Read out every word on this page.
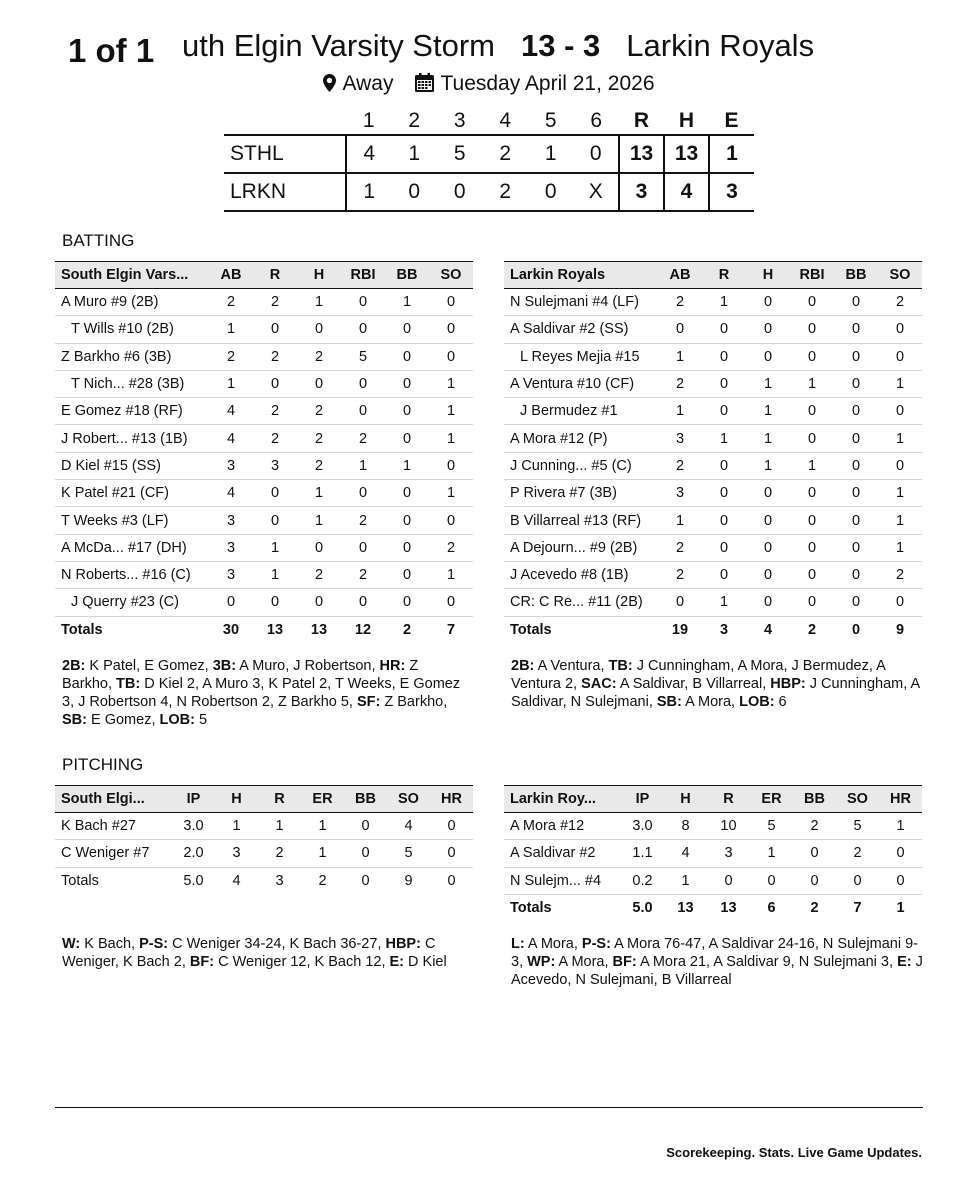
1 of 1 uth Elgin Varsity Storm 13 - 3 Larkin Royals
Away Tuesday April 21, 2026
	1	2	3	4	5	6	R	H	E
STHL	4	1	5	2	1	0	13	13	1
LRKN	1	0	0	2	0	X	3	4	3
BATTING
South Elgin Vars...	AB	R	H	RBI	BB	SO
A Muro #9 (2B)	2	2	1	0	1	0
T Wills #10 (2B)	1	0	0	0	0	0
Z Barkho #6 (3B)	2	2	2	5	0	0
T Nich... #28 (3B)	1	0	0	0	0	1
E Gomez #18 (RF)	4	2	2	0	0	1
J Robert... #13 (1B)	4	2	2	2	0	1
D Kiel #15 (SS)	3	3	2	1	1	0
K Patel #21 (CF)	4	0	1	0	0	1
T Weeks #3 (LF)	3	0	1	2	0	0
A McDa... #17 (DH)	3	1	0	0	0	2
N Roberts... #16 (C)	3	1	2	2	0	1
J Querry #23 (C)	0	0	0	0	0	0
Totals	30	13	13	12	2	7
Larkin Royals	AB	R	H	RBI	BB	SO
N Sulejmani #4 (LF)	2	1	0	0	0	2
A Saldivar #2 (SS)	0	0	0	0	0	0
L Reyes Mejia #15	1	0	0	0	0	0
A Ventura #10 (CF)	2	0	1	1	0	1
J Bermudez #1	1	0	1	0	0	0
A Mora #12 (P)	3	1	1	0	0	1
J Cunning... #5 (C)	2	0	1	1	0	0
P Rivera #7 (3B)	3	0	0	0	0	1
B Villarreal #13 (RF)	1	0	0	0	0	1
A Dejourn... #9 (2B)	2	0	0	0	0	1
J Acevedo #8 (1B)	2	0	0	0	0	2
CR: C Re... #11 (2B)	0	1	0	0	0	0
Totals	19	3	4	2	0	9
2B: K Patel, E Gomez, 3B: A Muro, J Robertson, HR: Z Barkho, TB: D Kiel 2, A Muro 3, K Patel 2, T Weeks, E Gomez 3, J Robertson 4, N Robertson 2, Z Barkho 5, SF: Z Barkho, SB: E Gomez, LOB: 5
2B: A Ventura, TB: J Cunningham, A Mora, J Bermudez, A Ventura 2, SAC: A Saldivar, B Villarreal, HBP: J Cunningham, A Saldivar, N Sulejmani, SB: A Mora, LOB: 6
PITCHING
South Elgi...	IP	H	R	ER	BB	SO	HR
K Bach #27	3.0	1	1	1	0	4	0
C Weniger #7	2.0	3	2	1	0	5	0
Totals	5.0	4	3	2	0	9	0
Larkin Roy...	IP	H	R	ER	BB	SO	HR
A Mora #12	3.0	8	10	5	2	5	1
A Saldivar #2	1.1	4	3	1	0	2	0
N Sulejm... #4	0.2	1	0	0	0	0	0
Totals	5.0	13	13	6	2	7	1
W: K Bach, P-S: C Weniger 34-24, K Bach 36-27, HBP: C Weniger, K Bach 2, BF: C Weniger 12, K Bach 12, E: D Kiel
L: A Mora, P-S: A Mora 76-47, A Saldivar 24-16, N Sulejmani 9-3, WP: A Mora, BF: A Mora 21, A Saldivar 9, N Sulejmani 3, E: J Acevedo, N Sulejmani, B Villarreal
Scorekeeping. Stats. Live Game Updates.
